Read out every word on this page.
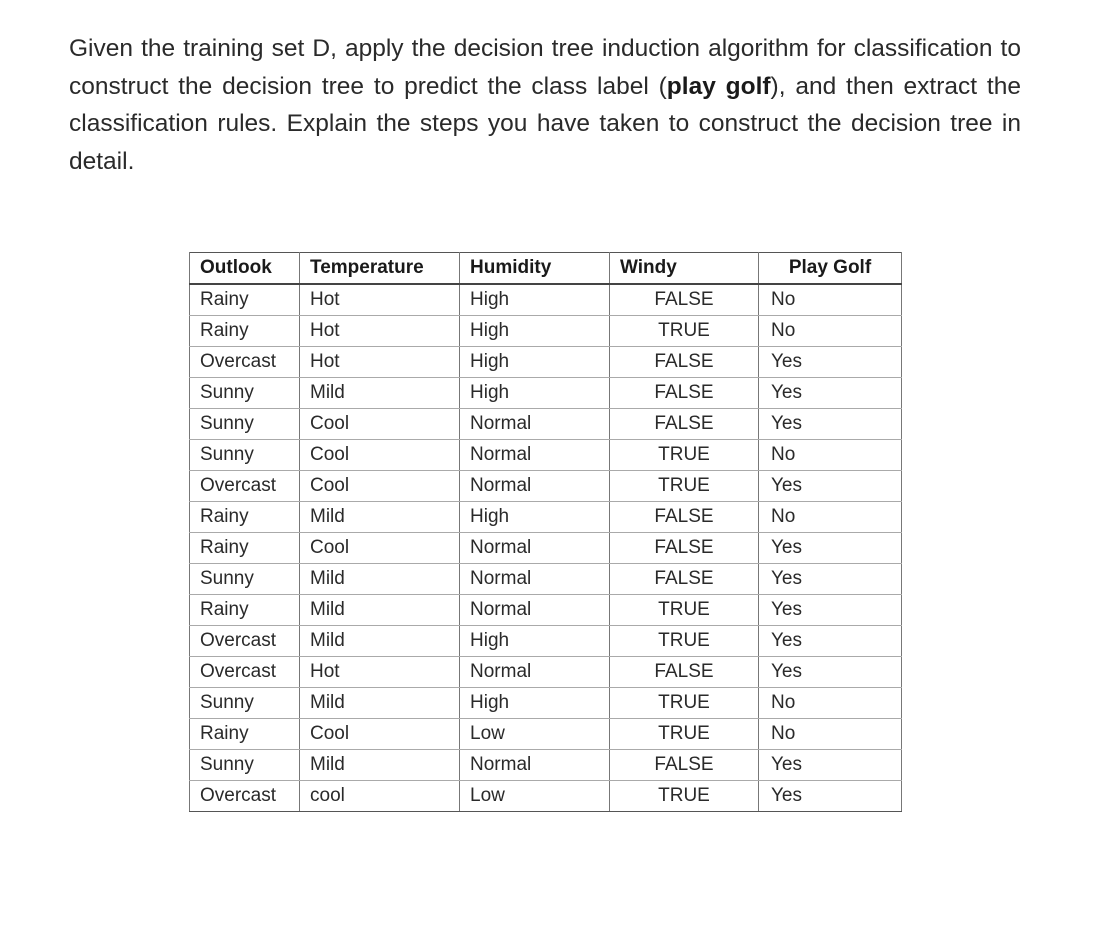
Given the training set D, apply the decision tree induction algorithm for classification to construct the decision tree to predict the class label (play golf), and then extract the classification rules. Explain the steps you have taken to construct the decision tree in detail.

Outlook	Temperature	Humidity	Windy	Play Golf
Rainy	Hot	High	FALSE	No
Rainy	Hot	High	TRUE	No
Overcast	Hot	High	FALSE	Yes
Sunny	Mild	High	FALSE	Yes
Sunny	Cool	Normal	FALSE	Yes
Sunny	Cool	Normal	TRUE	No
Overcast	Cool	Normal	TRUE	Yes
Rainy	Mild	High	FALSE	No
Rainy	Cool	Normal	FALSE	Yes
Sunny	Mild	Normal	FALSE	Yes
Rainy	Mild	Normal	TRUE	Yes
Overcast	Mild	High	TRUE	Yes
Overcast	Hot	Normal	FALSE	Yes
Sunny	Mild	High	TRUE	No
Rainy	Cool	Low	TRUE	No
Sunny	Mild	Normal	FALSE	Yes
Overcast	cool	Low	TRUE	Yes
